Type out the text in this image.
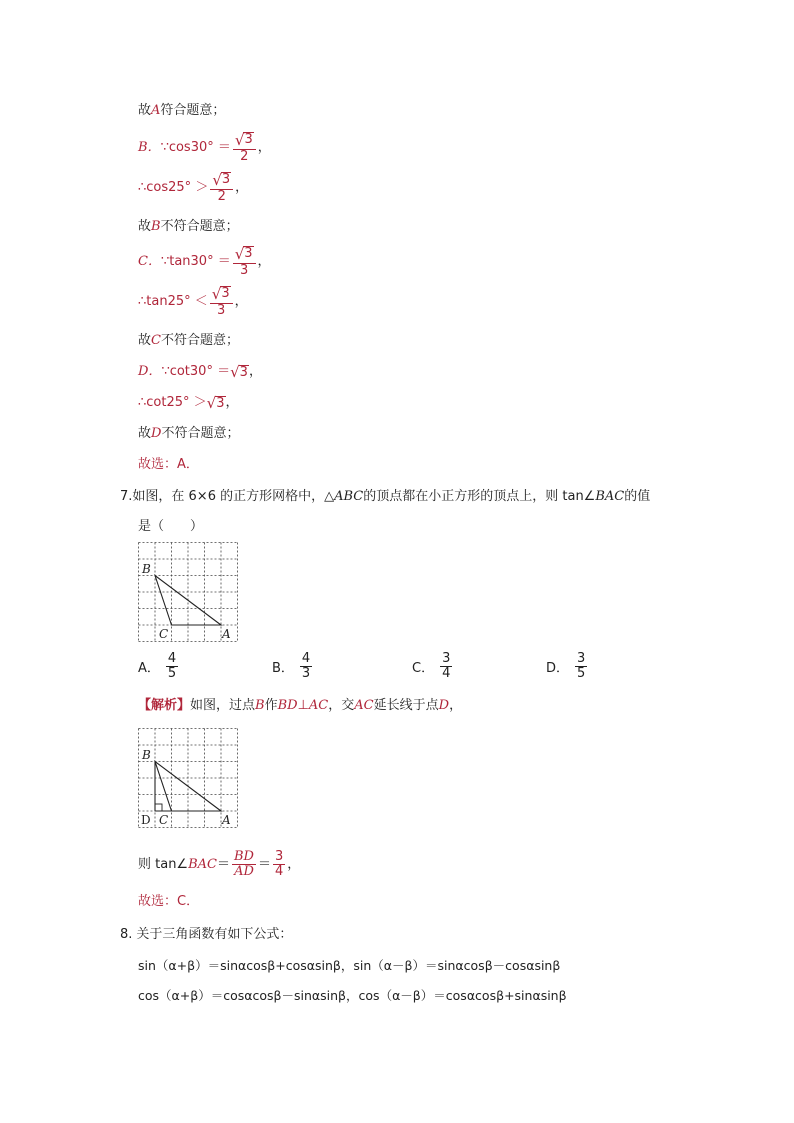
故 A 符合题意；
B． ∵cos30° ＝ $\frac{√ 3}{2}$ ，
∴cos25° ＞ $\frac{√ 3}{2}$ ，
故 B 不符合题意；
C． ∵tan30° ＝ $\frac{√ 3}{3}$ ，
∴tan25° ＜ $\frac{√ 3}{3}$ ，
故 C 不符合题意；
D． ∵cot30° ＝ √ 3 ，
∴cot25° ＞ √ 3 ，
故 D 不符合题意；
故选：A．
7. 如图，在 6×6 的正方形网格中，△ ABC 的顶点都在小正方形的顶点上，则 tan∠ BAC 的值
是（　　）
B
C	A
A． $\frac{4}{5}$	B． $\frac{4}{3}$	C． $\frac{3}{4}$	D． $\frac{3}{5}$
【解析】 如图，过点 B 作 BD ⊥ AC ，交 AC 延长线于点 D ，
B
D C	A
则 tan∠ BAC ＝ $\frac{BD}{AD} = \frac{3}{4}$ ，
故选：C．
8. 关于三角函数有如下公式：
sin（α+β）＝sinαcosβ+cosαsinβ，sin（α－β）＝sinαcosβ－cosαsinβ
cos（α+β）＝cosαcosβ－sinαsinβ，cos（α－β）＝cosαcosβ+sinαsinβ
